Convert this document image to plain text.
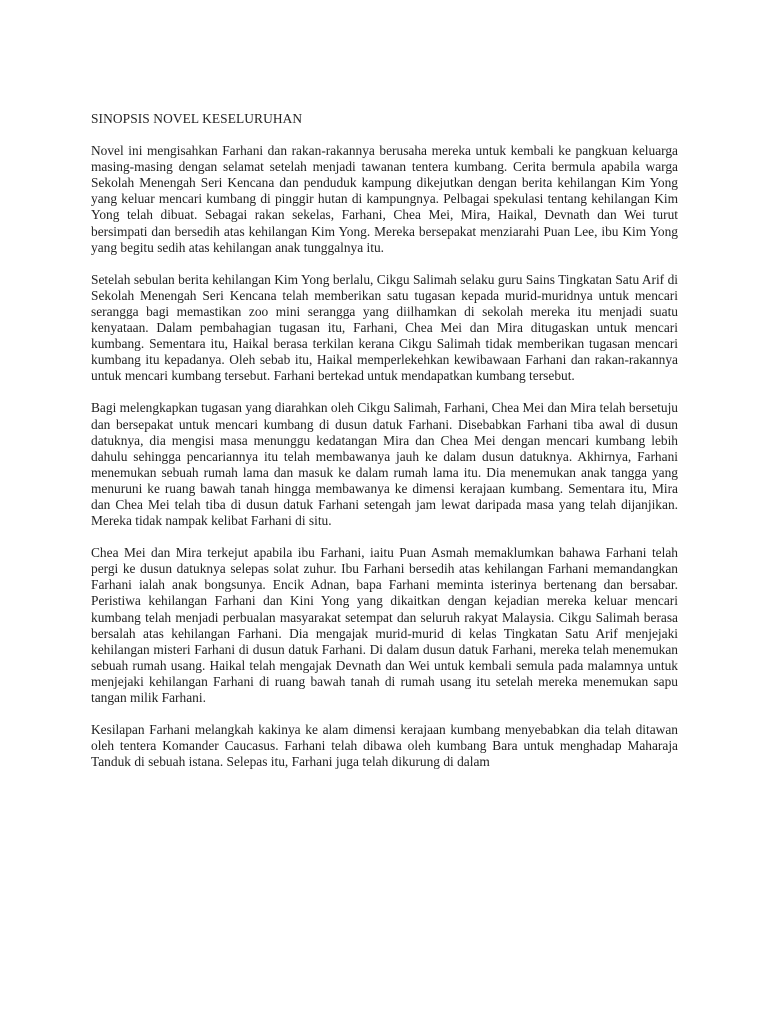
SINOPSIS NOVEL KESELURUHAN

Novel ini mengisahkan Farhani dan rakan-rakannya berusaha mereka untuk kembali ke pangkuan keluarga masing-masing dengan selamat setelah menjadi tawanan tentera kumbang. Cerita bermula apabila warga Sekolah Menengah Seri Kencana dan penduduk kampung dikejutkan dengan berita kehilangan Kim Yong yang keluar mencari kumbang di pinggir hutan di kampungnya. Pelbagai spekulasi tentang kehilangan Kim Yong telah dibuat. Sebagai rakan sekelas, Farhani, Chea Mei, Mira, Haikal, Devnath dan Wei turut bersimpati dan bersedih atas kehilangan Kim Yong. Mereka bersepakat menziarahi Puan Lee, ibu Kim Yong yang begitu sedih atas kehilangan anak tunggalnya itu.

Setelah sebulan berita kehilangan Kim Yong berlalu, Cikgu Salimah selaku guru Sains Tingkatan Satu Arif di Sekolah Menengah Seri Kencana telah memberikan satu tugasan kepada murid-muridnya untuk mencari serangga bagi memastikan zoo mini serangga yang diilhamkan di sekolah mereka itu menjadi suatu kenyataan. Dalam pembahagian tugasan itu, Farhani, Chea Mei dan Mira ditugaskan untuk mencari kumbang. Sementara itu, Haikal berasa terkilan kerana Cikgu Salimah tidak memberikan tugasan mencari kumbang itu kepadanya. Oleh sebab itu, Haikal memperlekehkan kewibawaan Farhani dan rakan-rakannya untuk mencari kumbang tersebut. Farhani bertekad untuk mendapatkan kumbang tersebut.

Bagi melengkapkan tugasan yang diarahkan oleh Cikgu Salimah, Farhani, Chea Mei dan Mira telah bersetuju dan bersepakat untuk mencari kumbang di dusun datuk Farhani. Disebabkan Farhani tiba awal di dusun datuknya, dia mengisi masa menunggu kedatangan Mira dan Chea Mei dengan mencari kumbang lebih dahulu sehingga pencariannya itu telah membawanya jauh ke dalam dusun datuknya. Akhirnya, Farhani menemukan sebuah rumah lama dan masuk ke dalam rumah lama itu. Dia menemukan anak tangga yang menuruni ke ruang bawah tanah hingga membawanya ke dimensi kerajaan kumbang. Sementara itu, Mira dan Chea Mei telah tiba di dusun datuk Farhani setengah jam lewat daripada masa yang telah dijanjikan. Mereka tidak nampak kelibat Farhani di situ.

Chea Mei dan Mira terkejut apabila ibu Farhani, iaitu Puan Asmah memaklumkan bahawa Farhani telah pergi ke dusun datuknya selepas solat zuhur. Ibu Farhani bersedih atas kehilangan Farhani memandangkan Farhani ialah anak bongsunya. Encik Adnan, bapa Farhani meminta isterinya bertenang dan bersabar. Peristiwa kehilangan Farhani dan Kini Yong yang dikaitkan dengan kejadian mereka keluar mencari kumbang telah menjadi perbualan masyarakat setempat dan seluruh rakyat Malaysia. Cikgu Salimah berasa bersalah atas kehilangan Farhani. Dia mengajak murid-murid di kelas Tingkatan Satu Arif menjejaki kehilangan misteri Farhani di dusun datuk Farhani. Di dalam dusun datuk Farhani, mereka telah menemukan sebuah rumah usang. Haikal telah mengajak Devnath dan Wei untuk kembali semula pada malamnya untuk menjejaki kehilangan Farhani di ruang bawah tanah di rumah usang itu setelah mereka menemukan sapu tangan milik Farhani.

Kesilapan Farhani melangkah kakinya ke alam dimensi kerajaan kumbang menyebabkan dia telah ditawan oleh tentera Komander Caucasus. Farhani telah dibawa oleh kumbang Bara untuk menghadap Maharaja Tanduk di sebuah istana. Selepas itu, Farhani juga telah dikurung di dalam
